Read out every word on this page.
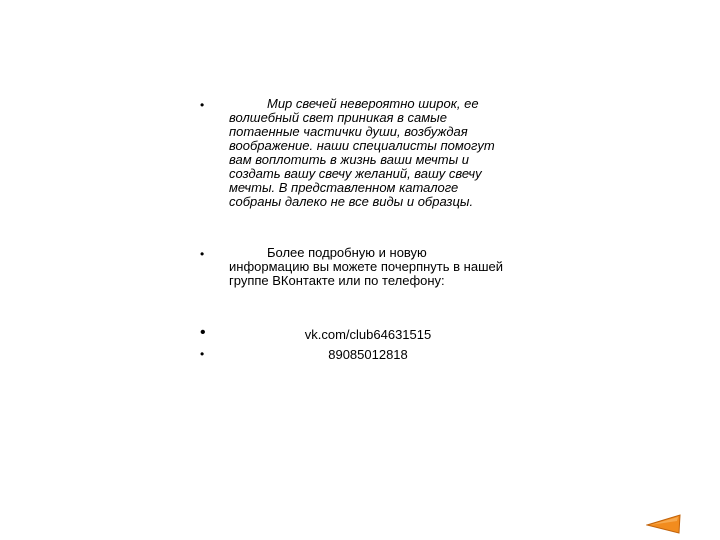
•	Мир свечей невероятно широк, ее волшебный свет приникая в самые потаенные частички души, возбуждая воображение. наши специалисты помогут вам воплотить в жизнь ваши мечты и создать вашу свечу желаний, вашу свечу мечты. В представленном каталоге собраны далеко не все виды и образцы.

•	Более подробную и новую информацию вы можете почерпнуть в нашей группе ВКонтакте или по телефону:

•	vk.com/club64631515
•	89085012818
